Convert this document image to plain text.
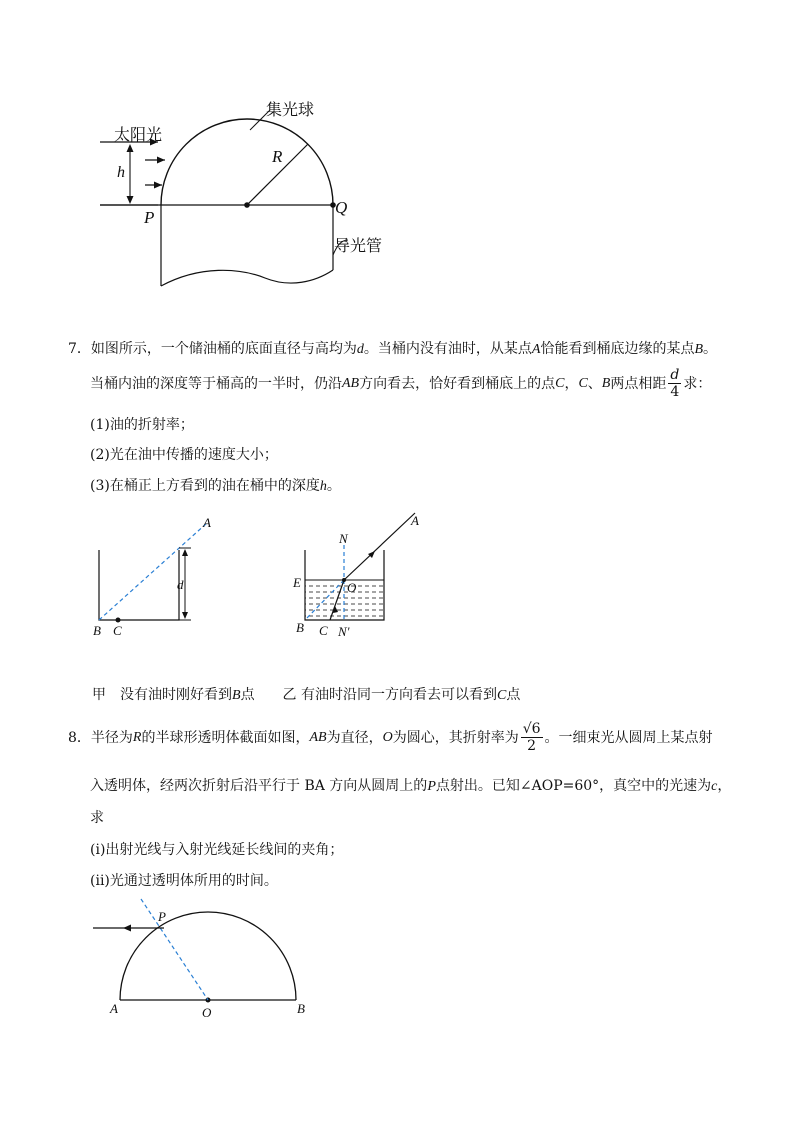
太阳光
集光球
R
h
P
Q
导光管
7．如图所示，一个储油桶的底面直径与高均为d。当桶内没有油时，从某点A恰能看到桶底边缘的某点B。
当桶内油的深度等于桶高的一半时，仍沿 AB 方向看去，恰好看到桶底上的点 C ， C 、 B 两点相距 $\frac{d}{4}$ 求：
(1)油的折射率；
(2)光在油中传播的速度大小；
(3)在桶正上方看到的油在桶中的深度h。
A
d
B C
A
N
E	O
B C N'
甲　没有油时刚好看到B点　　乙 有油时沿同一方向看去可以看到C点
8． 半径为 R 的半球形透明体截面如图， AB 为直径， O 为圆心，其折射率为 $\frac{√6}{2}$ 。一细束光从圆周上某点射
入透明体，经两次折射后沿平行于 BA 方向从圆周上的P点射出。已知∠AOP=60°，真空中的光速为c，
求
(i)出射光线与入射光线延长线间的夹角；
(ii)光通过透明体所用的时间。
P
A	O	B
